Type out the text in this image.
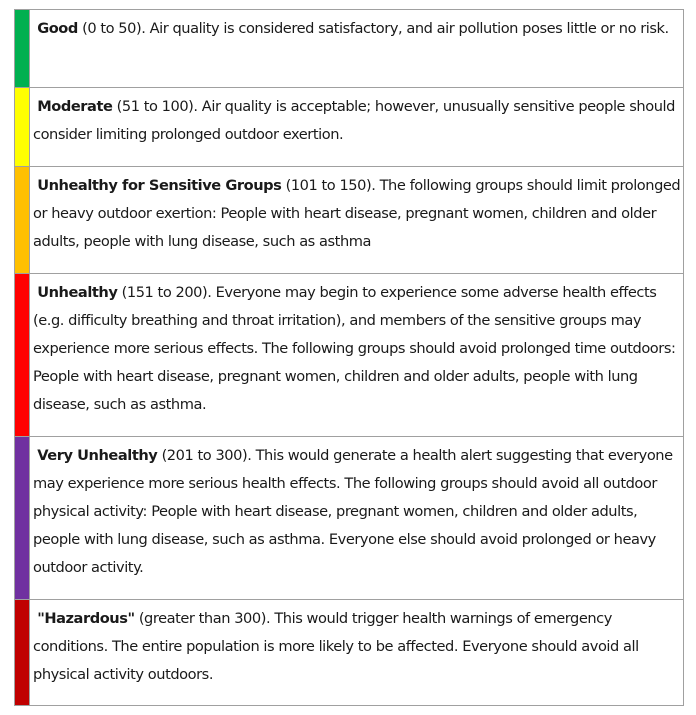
	Good (0 to 50). Air quality is considered satisfactory, and air pollution poses little or no risk.
	Moderate (51 to 100). Air quality is acceptable; however, unusually sensitive people should consider limiting prolonged outdoor exertion.
	Unhealthy for Sensitive Groups (101 to 150). The following groups should limit prolonged or heavy outdoor exertion: People with heart disease, pregnant women, children and older adults, people with lung disease, such as asthma
	Unhealthy (151 to 200). Everyone may begin to experience some adverse health effects (e.g. difficulty breathing and throat irritation), and members of the sensitive groups may experience more serious effects. The following groups should avoid prolonged time outdoors: People with heart disease, pregnant women, children and older adults, people with lung disease, such as asthma.
	Very Unhealthy (201 to 300). This would generate a health alert suggesting that everyone may experience more serious health effects. The following groups should avoid all outdoor physical activity: People with heart disease, pregnant women, children and older adults, people with lung disease, such as asthma. Everyone else should avoid prolonged or heavy outdoor activity.
	"Hazardous" (greater than 300). This would trigger health warnings of emergency conditions. The entire population is more likely to be affected. Everyone should avoid all physical activity outdoors.
